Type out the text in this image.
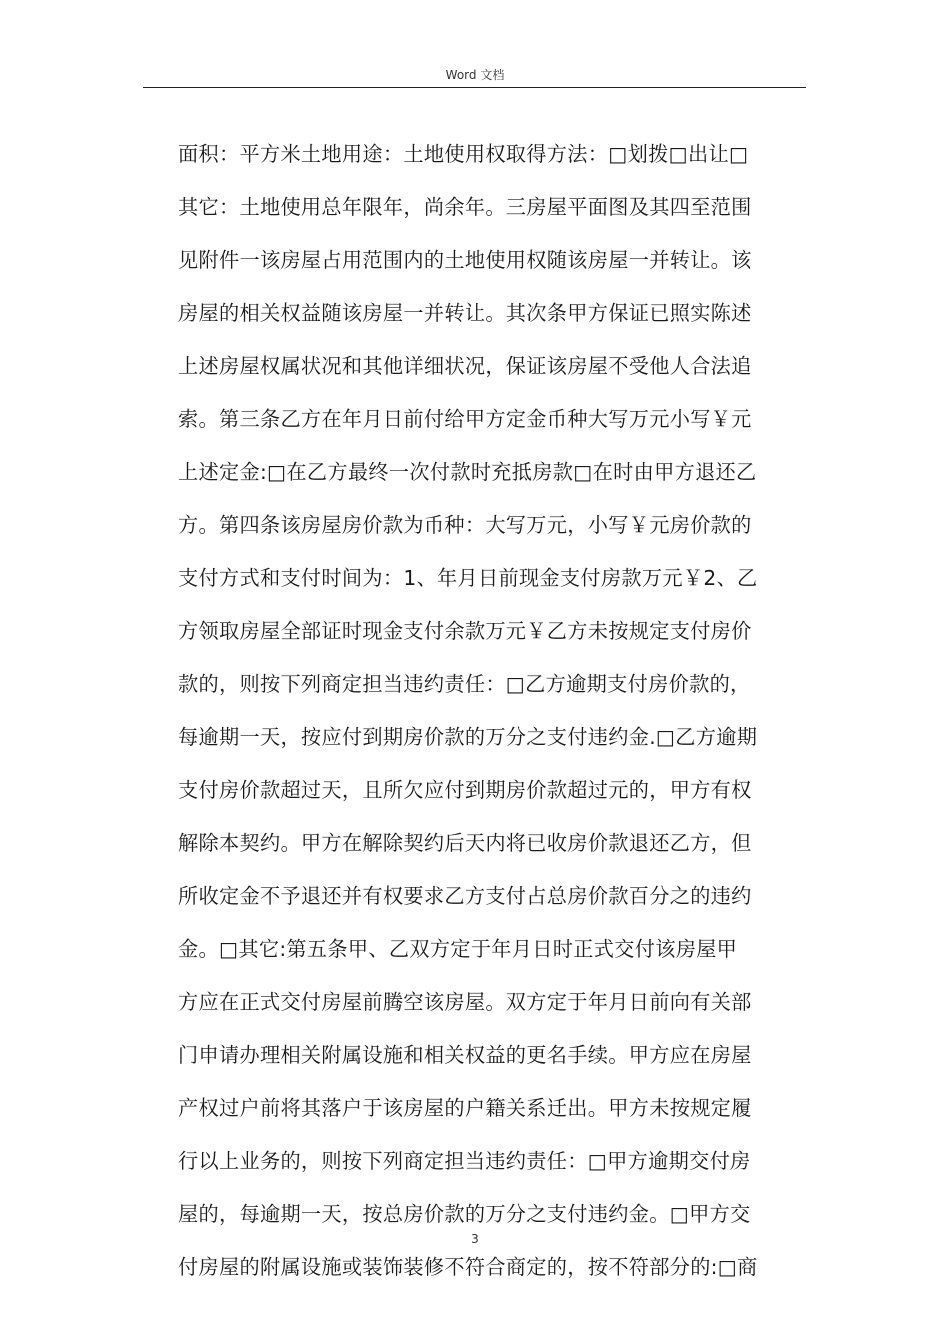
Word 文档
面积：平方米土地用途：土地使用权取得方法：□划拨□出让□
其它：土地使用总年限年，尚余年。三房屋平面图及其四至范围
见附件一该房屋占用范围内的土地使用权随该房屋一并转让。该
房屋的相关权益随该房屋一并转让。其次条甲方保证已照实陈述
上述房屋权属状况和其他详细状况，保证该房屋不受他人合法追
索。第三条乙方在年月日前付给甲方定金币种大写万元小写￥元
上述定金:□在乙方最终一次付款时充抵房款□在时由甲方退还乙
方。第四条该房屋房价款为币种：大写万元，小写￥元房价款的
支付方式和支付时间为：1、年月日前现金支付房款万元￥2、乙
方领取房屋全部证时现金支付余款万元￥乙方未按规定支付房价
款的，则按下列商定担当违约责任：□乙方逾期支付房价款的，
每逾期一天，按应付到期房价款的万分之支付违约金.□乙方逾期
支付房价款超过天，且所欠应付到期房价款超过元的，甲方有权
解除本契约。甲方在解除契约后天内将已收房价款退还乙方，但
所收定金不予退还并有权要求乙方支付占总房价款百分之的违约
金。□其它:第五条甲、乙双方定于年月日时正式交付该房屋甲
方应在正式交付房屋前腾空该房屋。双方定于年月日前向有关部
门申请办理相关附属设施和相关权益的更名手续。甲方应在房屋
产权过户前将其落户于该房屋的户籍关系迁出。甲方未按规定履
行以上业务的，则按下列商定担当违约责任：□甲方逾期交付房
屋的，每逾期一天，按总房价款的万分之支付违约金。□甲方交
付房屋的附属设施或装饰装修不符合商定的，按不符部分的:□商
3
